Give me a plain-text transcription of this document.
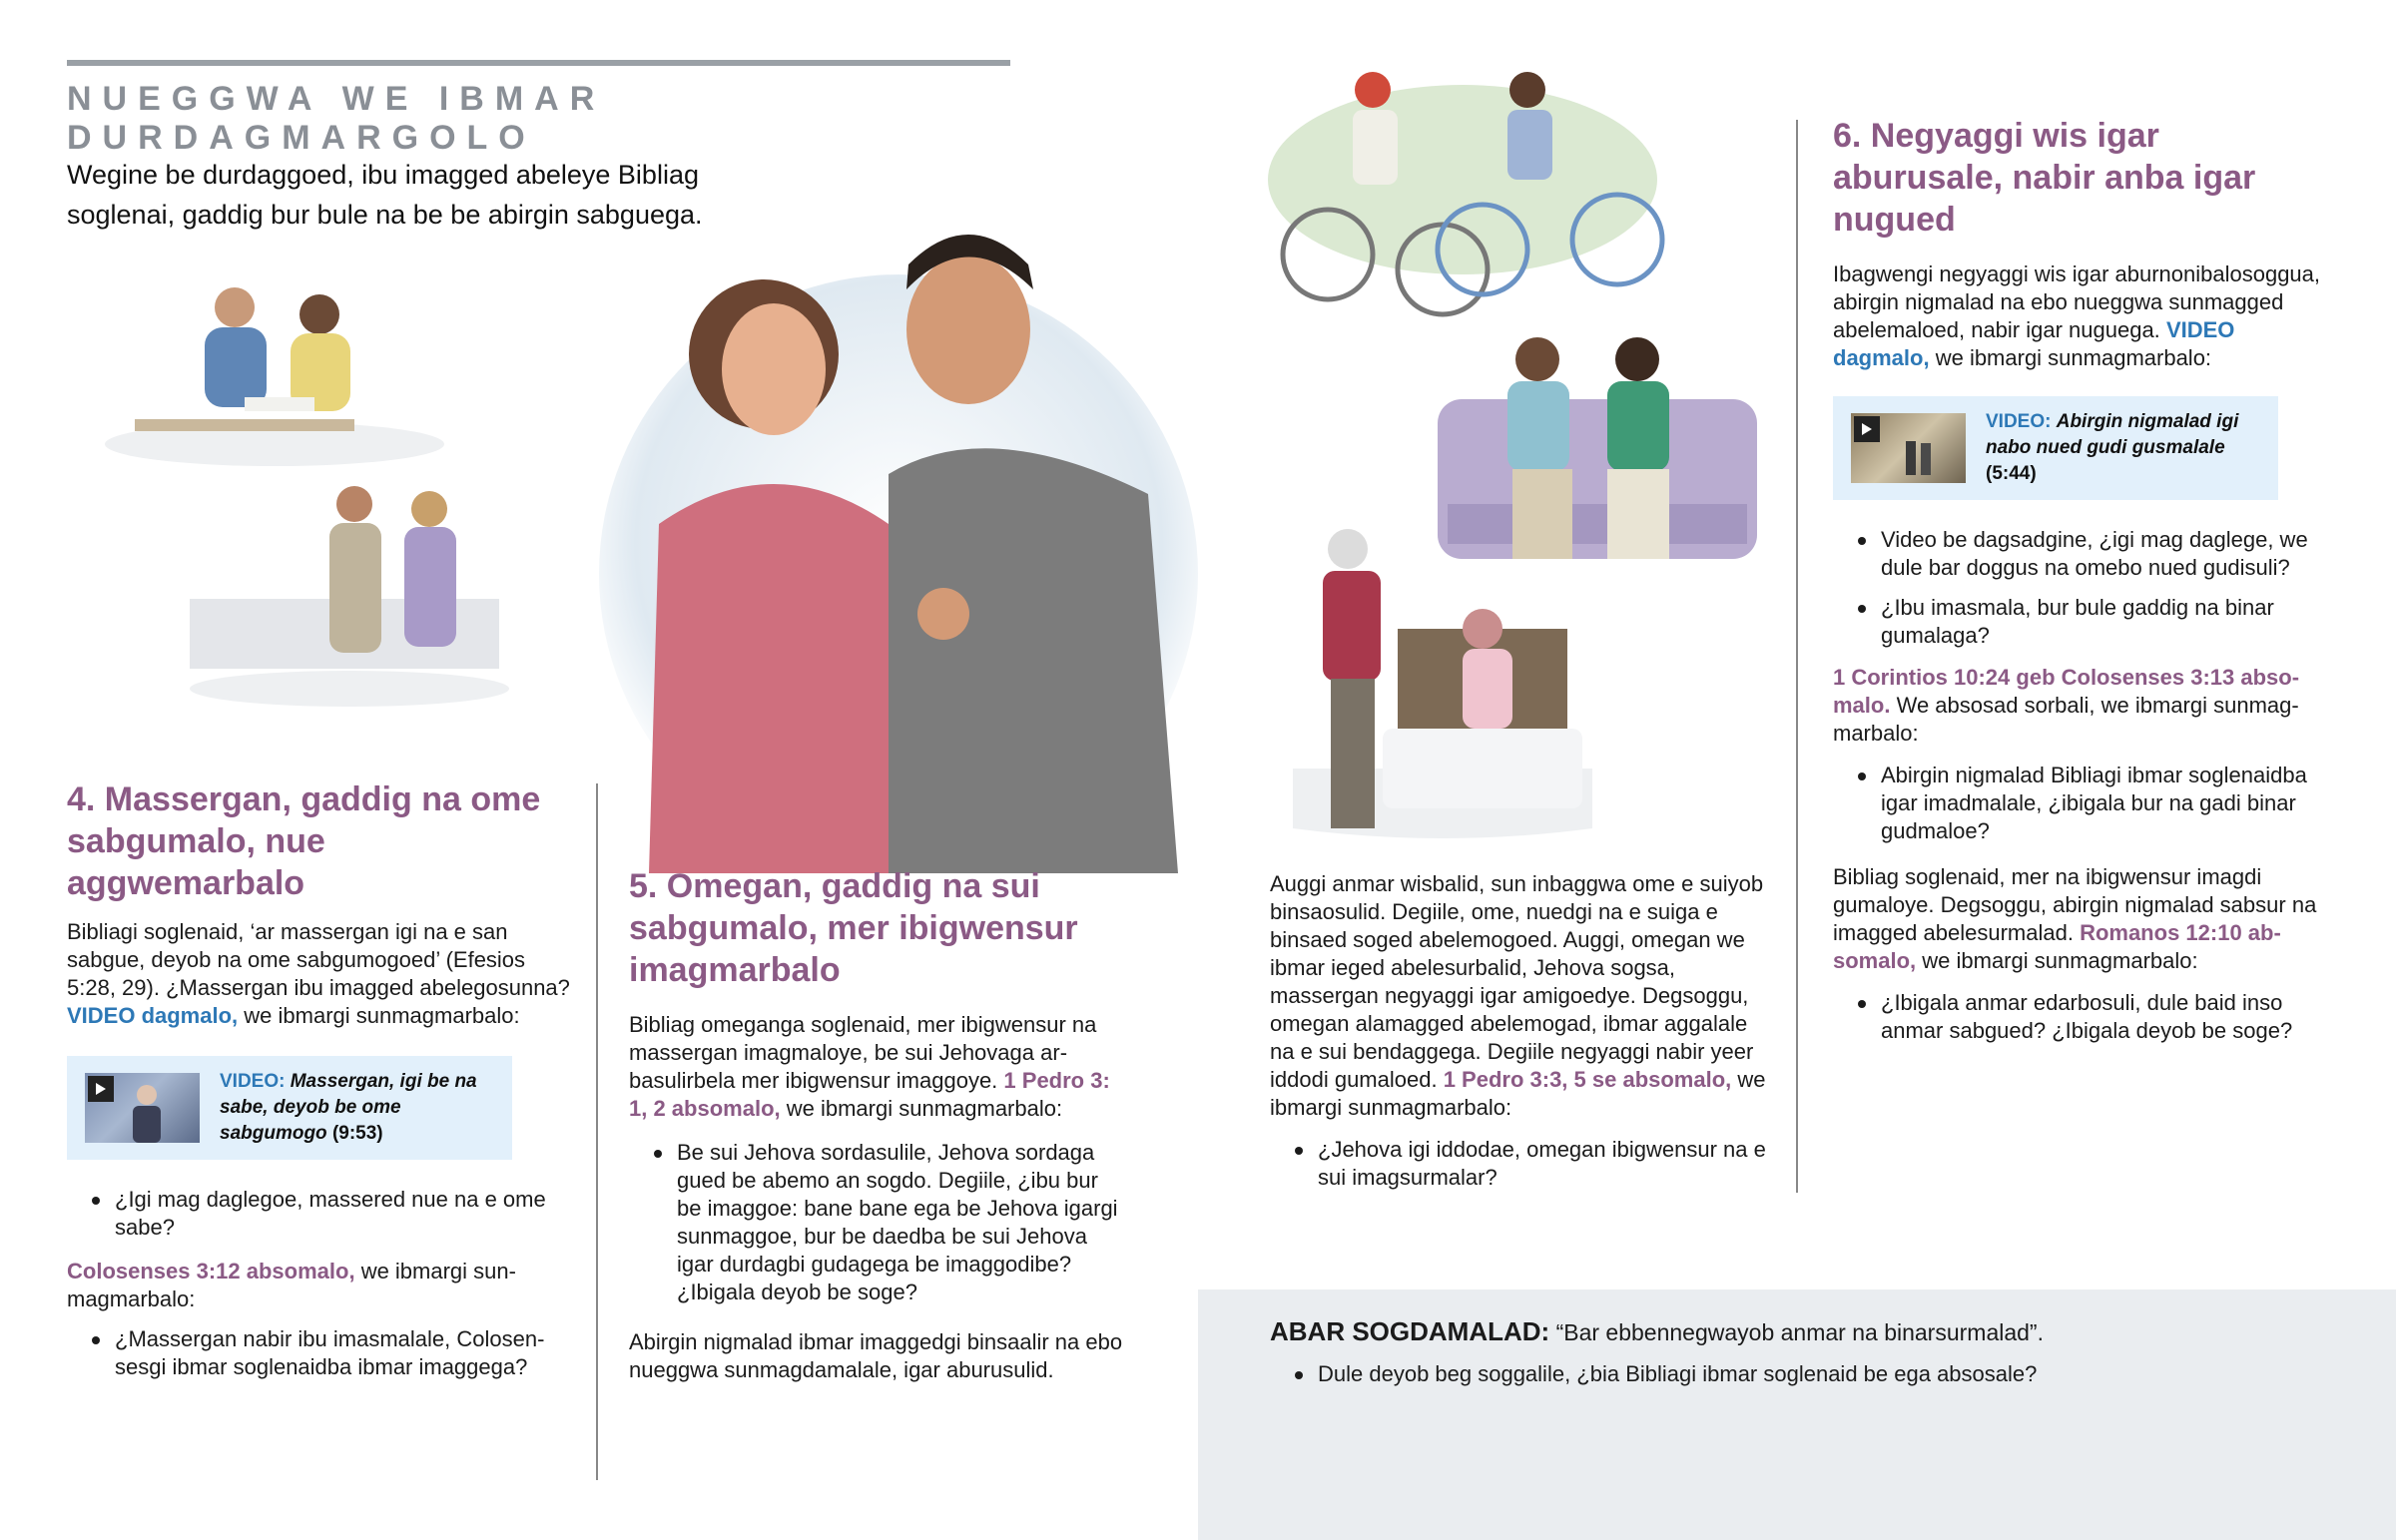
NUEGGWA WE IBMAR DURDAGMARGOLO
Wegine be durdaggoed, ibu imagged abeleye Bibliag soglenai, gaddig bur bule na be be abirgin sabguega.
4. Massergan, gaddig na ome sabgumalo, nue aggwemarbalo

Bibliagi soglenaid, ‘ar massergan igi na e san sabgue, deyob na ome sabgumogoed’ (Efesios 5:28, 29). ¿Massergan ibu imagged abelegosunna? VIDEO dagmalo, we ibmargi sunmagmarbalo:

VIDEO: Massergan, igi be na sabe, deyob be ome sabgumogo (9:53)
¿Igi mag daglegoe, massered nue na e ome sabe?

Colosenses 3:12 absomalo, we ibmargi sunmagmarbalo:

¿Massergan nabir ibu imasmalale, Colosensesgi ibmar soglenaidba ibmar imaggega?
5. Omegan, gaddig na sui sabgumalo, mer ibigwensur imagmarbalo

Bibliag omeganga soglenaid, mer ibigwensur na massergan imagmaloye, be sui Jehovaga arbasulirbela mer ibigwensur imaggoye. 1 Pedro 3: 1, 2 absomalo, we ibmargi sunmagmarbalo:

Be sui Jehova sordasulile, Jehova sordaga gued be abemo an sogdo. Degiile, ¿ibu bur be imaggoe: bane bane ega be Jehova igargi sunmaggoe, bur be daedba be sui Jehova igar durdagbi gudagega be imaggodibe? ¿Ibigala deyob be soge?

Abirgin nigmalad ibmar imaggedgi binsaalir na ebo nueggwa sunmagdamalale, igar aburusulid.

Auggi anmar wisbalid, sun inbaggwa ome e suiyob binsaosulid. Degiile, ome, nuedgi na e suiga e binsaed soged abelemogoed. Auggi, omegan we ibmar ieged abelesurbalid, Jehova sogsa, massergan negyaggi igar amigoedye. Degsoggu, omegan alamagged abelemogad, ibmar aggalale na e sui bendaggega. Degiile negyaggi nabir yeer iddodi gumaloed. 1 Pedro 3:3, 5 se absomalo, we ibmargi sunmagmarbalo:

¿Jehova igi iddodae, omegan ibigwensur na e sui imagsurmalar?
6. Negyaggi wis igar aburusale, nabir anba igar nugued

Ibagwengi negyaggi wis igar aburnonibalosoggua, abirgin nigmalad na ebo nueggwa sunmagged abelemaloed, nabir igar nuguega. VIDEO dagmalo, we ibmargi sunmagmarbalo:

VIDEO: Abirgin nigmalad igi nabo nued gudi gusmalale (5:44)
Video be dagsadgine, ¿igi mag daglege, we dule bar doggus na omebo nued gudisuli?
¿Ibu imasmala, bur bule gaddig na binar gumalaga?

1 Corintios 10:24 geb Colosenses 3:13 absomalo. We absosad sorbali, we ibmargi sunmagmarbalo:

Abirgin nigmalad Bibliagi ibmar soglenaidba igar imadmalale, ¿ibigala bur na gadi binar gudmaloe?

Bibliag soglenaid, mer na ibigwensur imagdi gumaloye. Degsoggu, abirgin nigmalad sabsur na imagged abelesurmalad. Romanos 12:10 absomalo, we ibmargi sunmagmarbalo:

¿Ibigala anmar edarbosuli, dule baid inso anmar sabgued? ¿Ibigala deyob be soge?

ABAR SOGDAMALAD: “Bar ebbennegwayob anmar na binarsurmalad”.

Dule deyob beg soggalile, ¿bia Bibliagi ibmar soglenaid be ega absosale?
